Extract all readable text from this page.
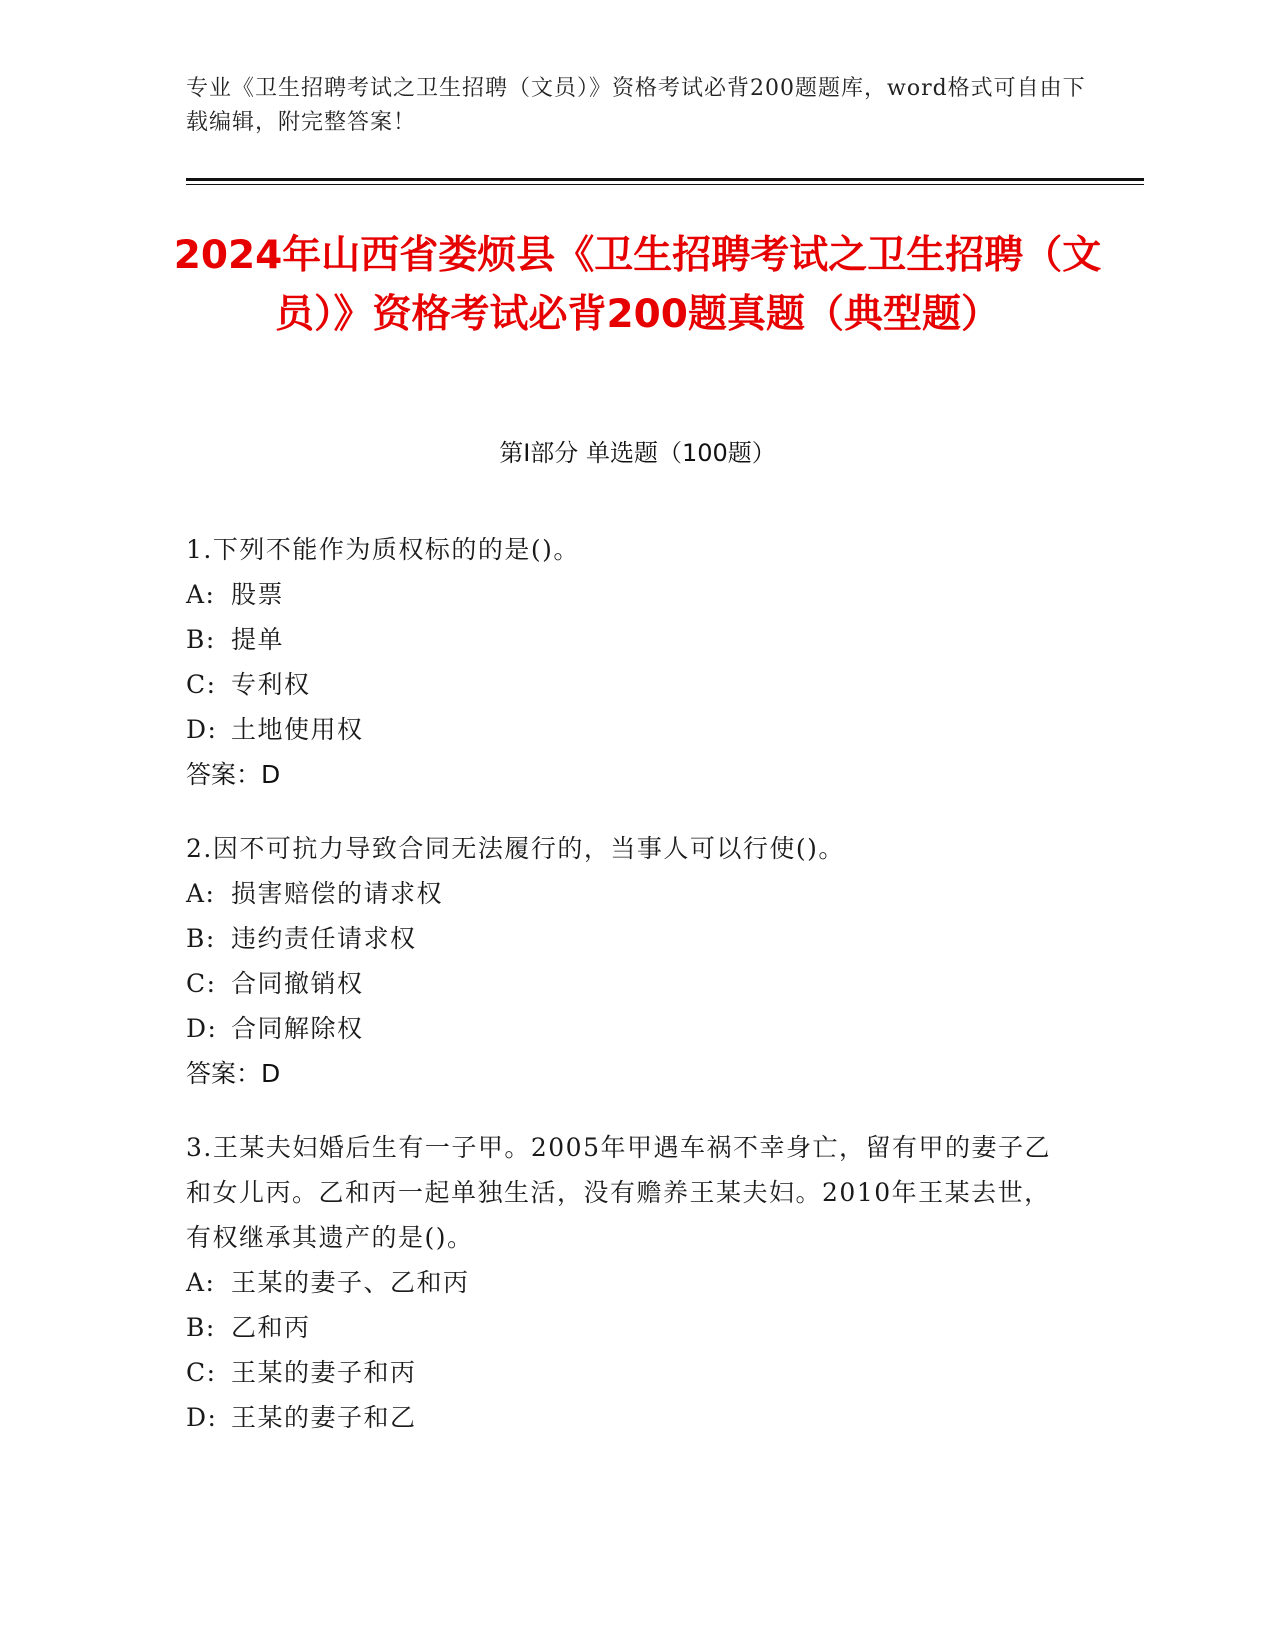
专业《卫生招聘考试之卫生招聘（文员）》资格考试必背200题题库，word格式可自由下载编辑，附完整答案！
2024年山西省娄烦县《卫生招聘考试之卫生招聘（文员）》资格考试必背200题真题（典型题）
第I部分 单选题（100题）
1.下列不能作为质权标的的是()。
A: 股票
B: 提单
C: 专利权
D: 土地使用权
答案：D
2.因不可抗力导致合同无法履行的，当事人可以行使()。
A: 损害赔偿的请求权
B: 违约责任请求权
C: 合同撤销权
D: 合同解除权
答案：D
3.王某夫妇婚后生有一子甲。2005年甲遇车祸不幸身亡，留有甲的妻子乙和女儿丙。乙和丙一起单独生活，没有赡养王某夫妇。2010年王某去世，有权继承其遗产的是()。
A: 王某的妻子、乙和丙
B: 乙和丙
C: 王某的妻子和丙
D: 王某的妻子和乙
